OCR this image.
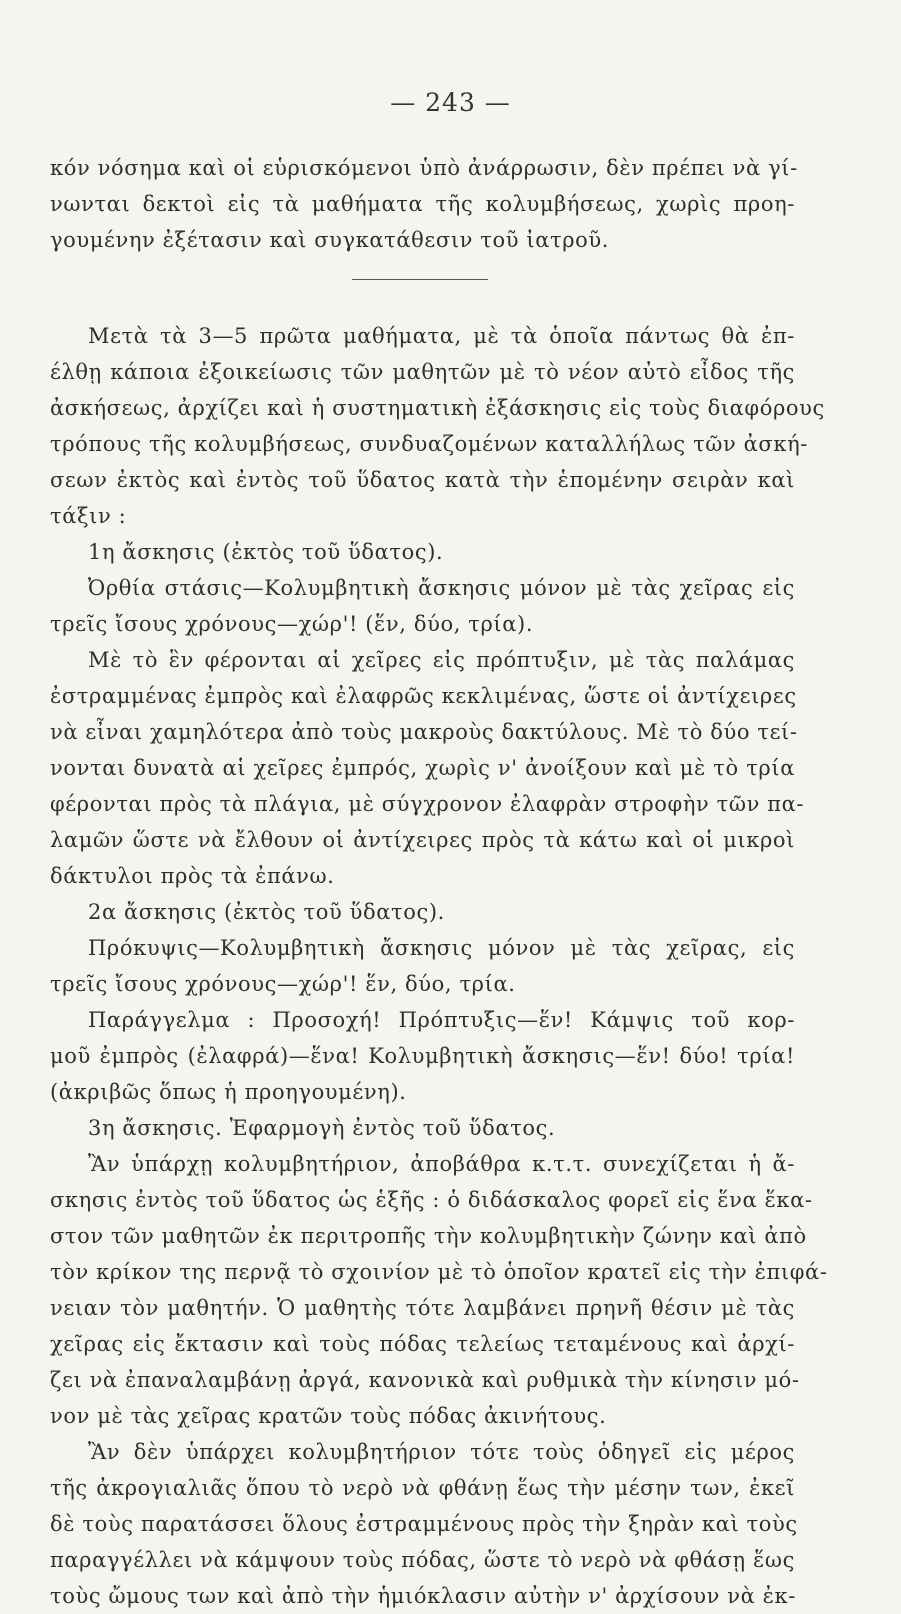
— 243 —
κόν νόσημα καὶ οἱ εὑρισκόμενοι ὑπὸ ἀνάρρωσιν, δὲν πρέπει νὰ γί-
νωνται δεκτοὶ εἰς τὰ μαθήματα τῆς κολυμβήσεως, χωρὶς προη-
γουμένην ἐξέτασιν καὶ συγκατάθεσιν τοῦ ἰατροῦ.
Μετὰ τὰ 3—5 πρῶτα μαθήματα, μὲ τὰ ὁποῖα πάντως θὰ ἐπ-
έλθῃ κάποια ἐξοικείωσις τῶν μαθητῶν μὲ τὸ νέον αὐτὸ εἶδος τῆς
ἀσκήσεως, ἀρχίζει καὶ ἡ συστηματικὴ ἐξάσκησις εἰς τοὺς διαφόρους
τρόπους τῆς κολυμβήσεως, συνδυαζομένων καταλλήλως τῶν ἀσκή-
σεων ἐκτὸς καὶ ἐντὸς τοῦ ὕδατος κατὰ τὴν ἑπομένην σειρὰν καὶ
τάξιν :
1η ἄσκησις (ἐκτὸς τοῦ ὕδατος).
Ὀρθία στάσις—Κολυμβητικὴ ἄσκησις μόνον μὲ τὰς χεῖρας εἰς
τρεῖς ἴσους χρόνους—χώρ'! (ἕν, δύο, τρία).
Μὲ τὸ ἓν φέρονται αἱ χεῖρες εἰς πρόπτυξιν, μὲ τὰς παλάμας
ἐστραμμένας ἐμπρὸς καὶ ἐλαφρῶς κεκλιμένας, ὥστε οἱ ἀντίχειρες
νὰ εἶναι χαμηλότερα ἀπὸ τοὺς μακροὺς δακτύλους. Μὲ τὸ δύο τεί-
νονται δυνατὰ αἱ χεῖρες ἐμπρός, χωρὶς ν' ἀνοίξουν καὶ μὲ τὸ τρία
φέρονται πρὸς τὰ πλάγια, μὲ σύγχρονον ἐλαφρὰν στροφὴν τῶν πα-
λαμῶν ὥστε νὰ ἔλθουν οἱ ἀντίχειρες πρὸς τὰ κάτω καὶ οἱ μικροὶ
δάκτυλοι πρὸς τὰ ἐπάνω.
2α ἄσκησις (ἐκτὸς τοῦ ὕδατος).
Πρόκυψις—Κολυμβητικὴ ἄσκησις μόνον μὲ τὰς χεῖρας, εἰς
τρεῖς ἴσους χρόνους—χώρ'! ἕν, δύο, τρία.
Παράγγελμα : Προσοχή! Πρόπτυξις—ἕν! Κάμψις τοῦ κορ-
μοῦ ἐμπρὸς (ἐλαφρά)—ἕνα! Κολυμβητικὴ ἄσκησις—ἕν! δύο! τρία!
(ἀκριβῶς ὅπως ἡ προηγουμένη).
3η ἄσκησις. Ἐφαρμογὴ ἐντὸς τοῦ ὕδατος.
Ἂν ὑπάρχῃ κολυμβητήριον, ἀποβάθρα κ.τ.τ. συνεχίζεται ἡ ἄ-
σκησις ἐντὸς τοῦ ὕδατος ὡς ἑξῆς : ὁ διδάσκαλος φορεῖ εἰς ἕνα ἕκα-
στον τῶν μαθητῶν ἐκ περιτροπῆς τὴν κολυμβητικὴν ζώνην καὶ ἀπὸ
τὸν κρίκον της περνᾷ τὸ σχοινίον μὲ τὸ ὁποῖον κρατεῖ εἰς τὴν ἐπιφά-
νειαν τὸν μαθητήν. Ὁ μαθητὴς τότε λαμβάνει πρηνῆ θέσιν μὲ τὰς
χεῖρας εἰς ἔκτασιν καὶ τοὺς πόδας τελείως τεταμένους καὶ ἀρχί-
ζει νὰ ἐπαναλαμβάνῃ ἀργά, κανονικὰ καὶ ρυθμικὰ τὴν κίνησιν μό-
νον μὲ τὰς χεῖρας κρατῶν τοὺς πόδας ἀκινήτους.
Ἂν δὲν ὑπάρχει κολυμβητήριον τότε τοὺς ὁδηγεῖ εἰς μέρος
τῆς ἀκρογιαλιᾶς ὅπου τὸ νερὸ νὰ φθάνῃ ἕως τὴν μέσην των, ἐκεῖ
δὲ τοὺς παρατάσσει ὅλους ἐστραμμένους πρὸς τὴν ξηρὰν καὶ τοὺς
παραγγέλλει νὰ κάμψουν τοὺς πόδας, ὥστε τὸ νερὸ νὰ φθάσῃ ἕως
τοὺς ὤμους των καὶ ἀπὸ τὴν ἡμιόκλασιν αὐτὴν ν' ἀρχίσουν νὰ ἐκ-
